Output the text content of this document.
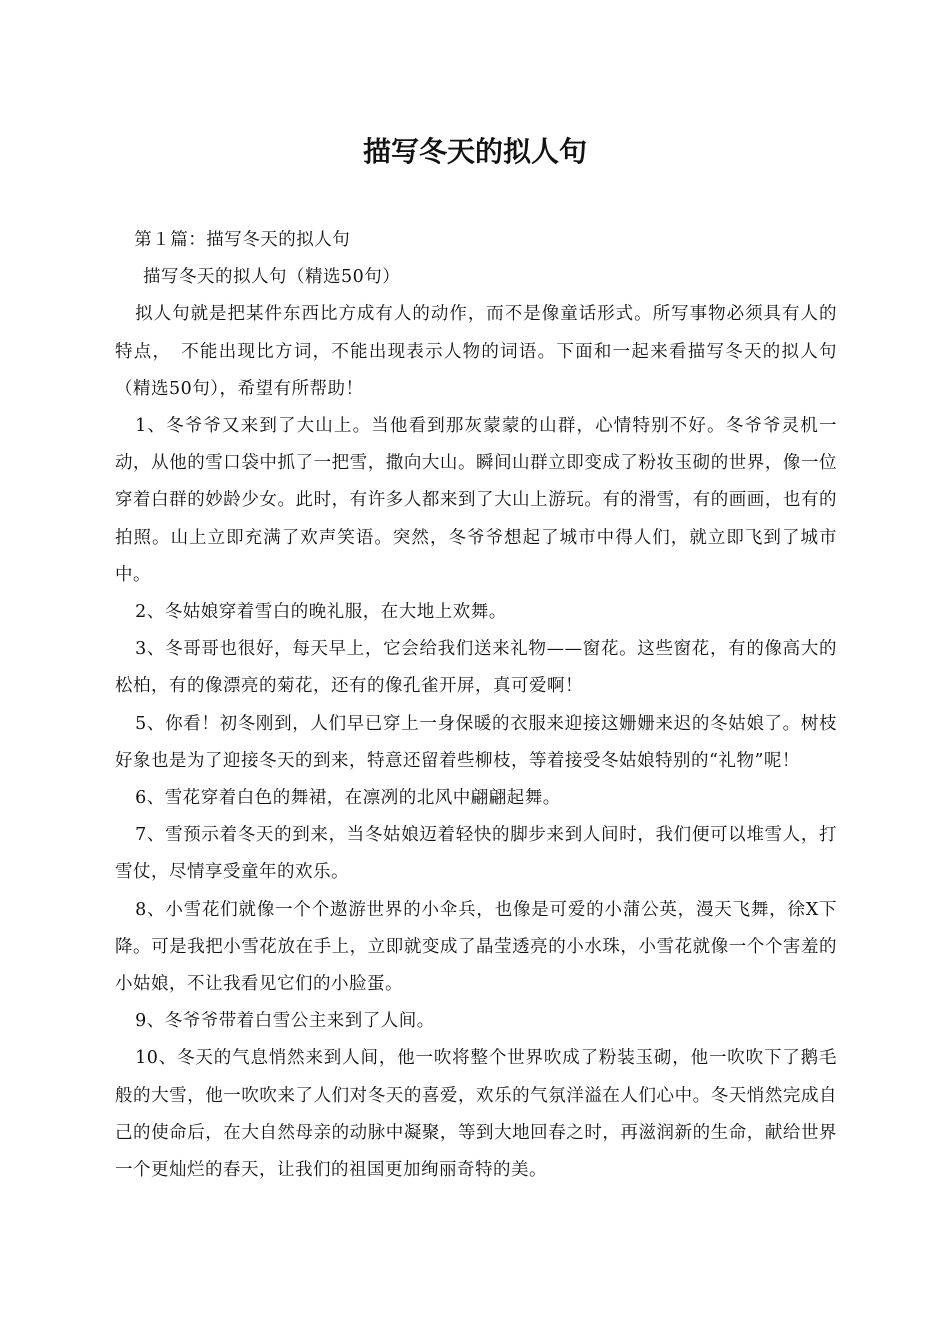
描写冬天的拟人句

第１篇：描写冬天的拟人句

描写冬天的拟人句（精选50句）

拟人句就是把某件东西比方成有人的动作，而不是像童话形式。所写事物必须具有人的特点，　不能出现比方词，不能出现表示人物的词语。下面和一起来看描写冬天的拟人句（精选50句），希望有所帮助！

1、冬爷爷又来到了大山上。当他看到那灰蒙蒙的山群，心情特别不好。冬爷爷灵机一动，从他的雪口袋中抓了一把雪，撒向大山。瞬间山群立即变成了粉妆玉砌的世界，像一位穿着白群的妙龄少女。此时，有许多人都来到了大山上游玩。有的滑雪，有的画画，也有的拍照。山上立即充满了欢声笑语。突然，冬爷爷想起了城市中得人们，就立即飞到了城市中。

2、冬姑娘穿着雪白的晚礼服，在大地上欢舞。

3、冬哥哥也很好，每天早上，它会给我们送来礼物——窗花。这些窗花，有的像高大的松柏，有的像漂亮的菊花，还有的像孔雀开屏，真可爱啊！

5、你看！初冬刚到，人们早已穿上一身保暖的衣服来迎接这姗姗来迟的冬姑娘了。树枝好象也是为了迎接冬天的到来，特意还留着些柳枝，等着接受冬姑娘特别的“礼物”呢！

6、雪花穿着白色的舞裙，在凛冽的北风中翩翩起舞。

7、雪预示着冬天的到来，当冬姑娘迈着轻快的脚步来到人间时，我们便可以堆雪人，打雪仗，尽情享受童年的欢乐。

8、小雪花们就像一个个遨游世界的小伞兵，也像是可爱的小蒲公英，漫天飞舞，徐X下降。可是我把小雪花放在手上，立即就变成了晶莹透亮的小水珠，小雪花就像一个个害羞的小姑娘，不让我看见它们的小脸蛋。

9、冬爷爷带着白雪公主来到了人间。

10、冬天的气息悄然来到人间，他一吹将整个世界吹成了粉装玉砌，他一吹吹下了鹅毛般的大雪，他一吹吹来了人们对冬天的喜爱，欢乐的气氛洋溢在人们心中。冬天悄然完成自己的使命后，在大自然母亲的动脉中凝聚，等到大地回春之时，再滋润新的生命，献给世界一个更灿烂的春天，让我们的祖国更加绚丽奇特的美。
